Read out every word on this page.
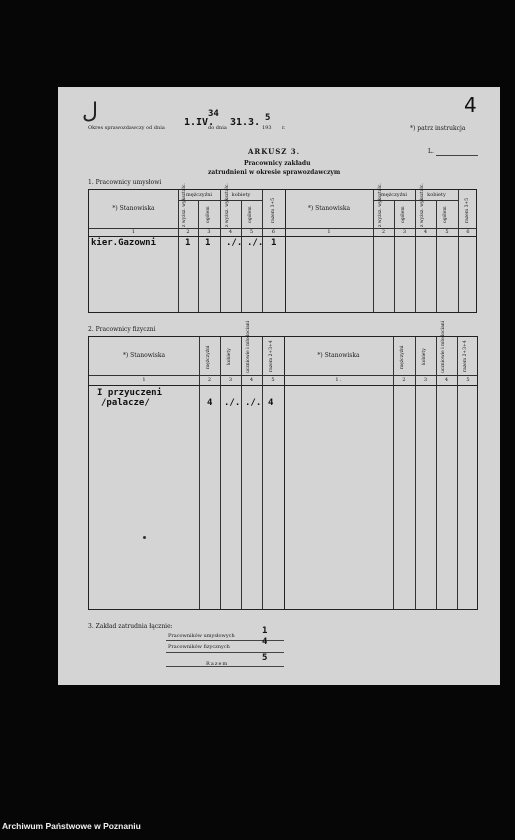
ل
Okres sprawozdawczy od dnia 1.IV.
34
do dnia 31.3. 5
193 r.	*) patrz instrukcja
4
L.
ARKUSZ 3.
Pracownicy zakładu
zatrudnieni w okresie sprawozdawczym
1. Pracownicy umysłowi
*) Stanowiska
mężczyźni	kobiety
z wyższ. wykształc.	ogółem	z wyższ. wykształc.	ogółem	razem 3+5	*) Stanowiska
mężczyźni	kobiety
z wyższ. wykształc.	ogółem	z wyższ. wykształc.	ogółem	razem 3+5
1	2	3	4	5	6	1	2	3	4	5	6
kier.Gazowni	1 1 ./. ./. 1
2. Pracownicy fizyczni
*) Stanowiska	mężczyźni	kobiety	uczniowie i młodociani	razem 2+3+4	*) Stanowiska	mężczyźni	kobiety	uczniowie i młodociani	razem 2+3+4
1	2	3	4	5	1 .	2	3	4	5
I przyuczeni
/palacze/	4 ./. ./. 4
3. Zakład zatrudnia łącznie:
Pracowników umysłowych	1
Pracowników fizycznych	4
Razem
5
Archiwum Państwowe w Poznaniu
